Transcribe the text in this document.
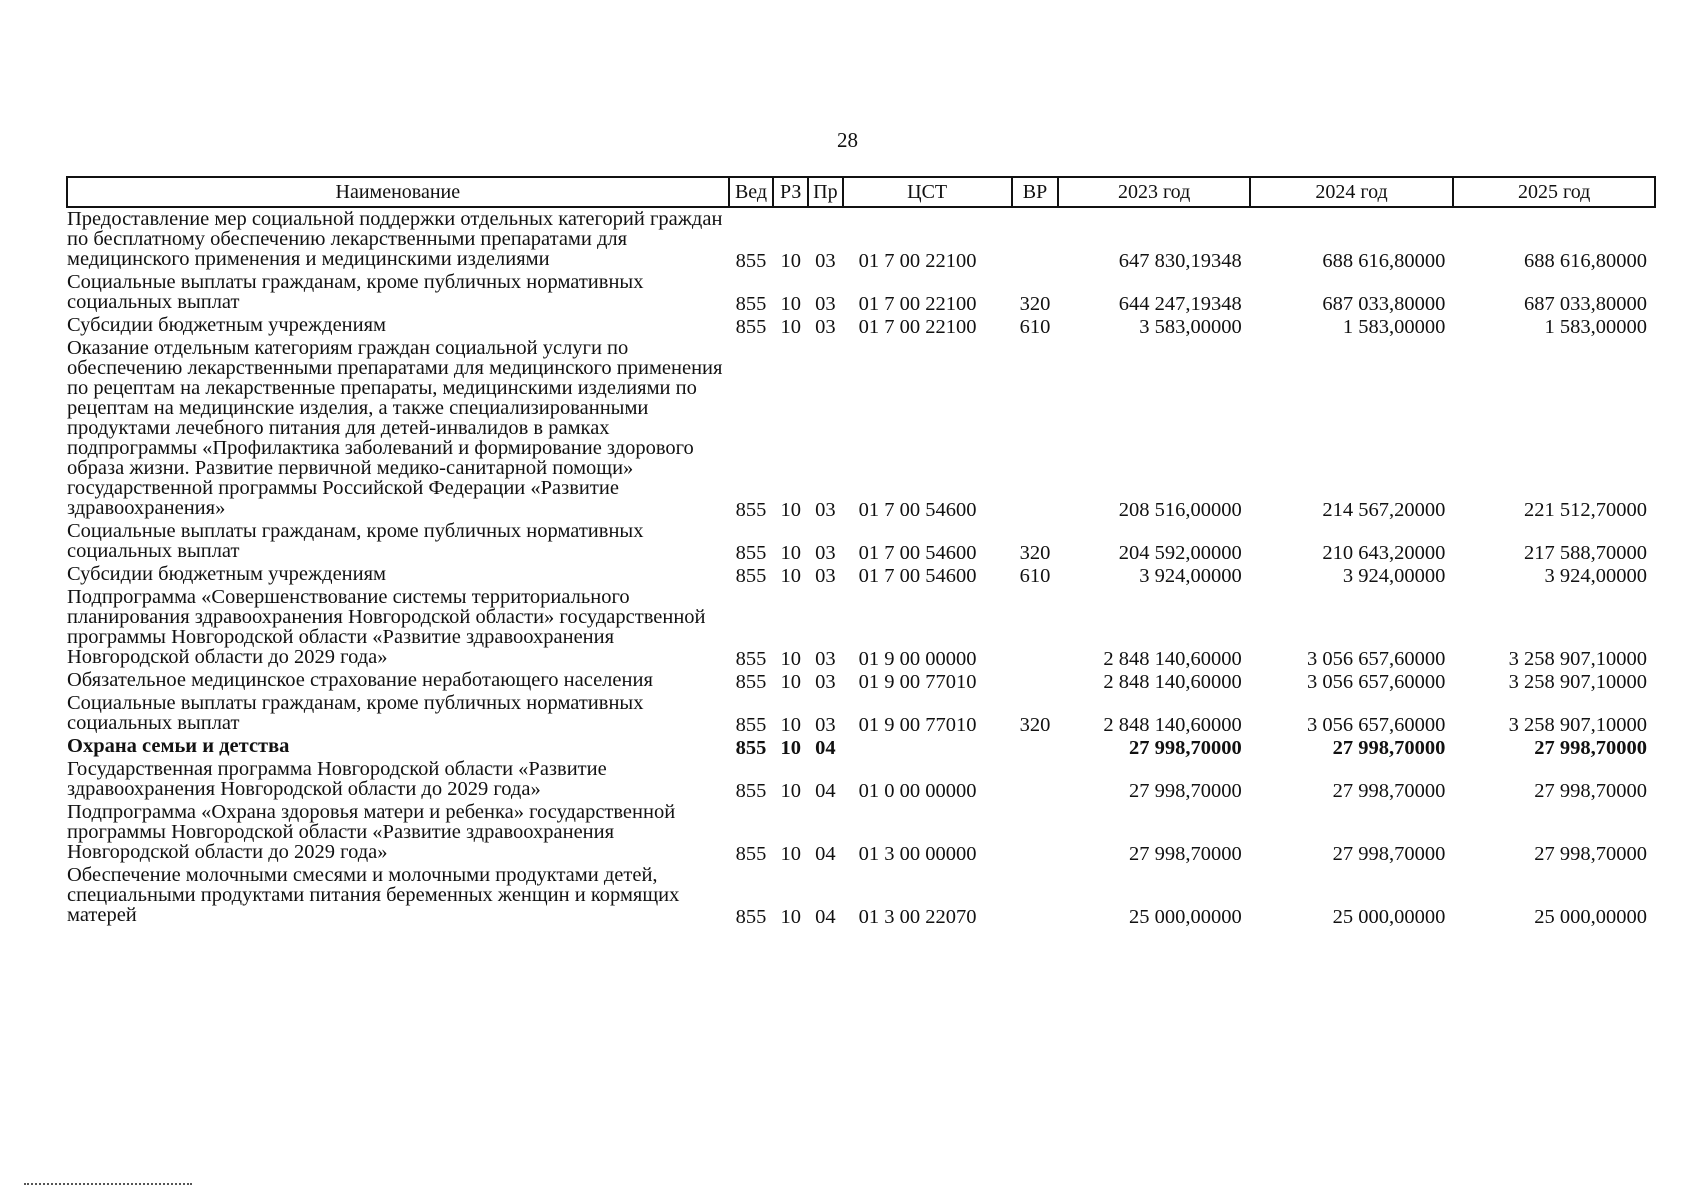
28
Наименование	Вед	РЗ	Пр	ЦСТ	ВР	2023 год	2024 год	2025 год
Предоставление мер социальной поддержки отдельных категорий граждан по бесплатному обеспечению лекарственными препаратами для медицинского применения и медицинскими изделиями	855	10	03	01 7 00 22100		647 830,19348	688 616,80000	688 616,80000
Социальные выплаты гражданам, кроме публичных нормативных социальных выплат	855	10	03	01 7 00 22100	320	644 247,19348	687 033,80000	687 033,80000
Субсидии бюджетным учреждениям	855	10	03	01 7 00 22100	610	3 583,00000	1 583,00000	1 583,00000
Оказание отдельным категориям граждан социальной услуги по обеспечению лекарственными препаратами для медицинского применения по рецептам на лекарственные препараты, медицинскими изделиями по рецептам на медицинские изделия, а также специализированными продуктами лечебного питания для детей-инвалидов в рамках подпрограммы «Профилактика заболеваний и формирование здорового образа жизни. Развитие первичной медико-санитарной помощи» государственной программы Российской Федерации «Развитие здравоохранения»	855	10	03	01 7 00 54600		208 516,00000	214 567,20000	221 512,70000
Социальные выплаты гражданам, кроме публичных нормативных социальных выплат	855	10	03	01 7 00 54600	320	204 592,00000	210 643,20000	217 588,70000
Субсидии бюджетным учреждениям	855	10	03	01 7 00 54600	610	3 924,00000	3 924,00000	3 924,00000
Подпрограмма «Совершенствование системы территориального планирования здравоохранения Новгородской области» государственной программы Новгородской области «Развитие здравоохранения Новгородской области до 2029 года»	855	10	03	01 9 00 00000		2 848 140,60000	3 056 657,60000	3 258 907,10000
Обязательное медицинское страхование неработающего населения	855	10	03	01 9 00 77010		2 848 140,60000	3 056 657,60000	3 258 907,10000
Социальные выплаты гражданам, кроме публичных нормативных социальных выплат	855	10	03	01 9 00 77010	320	2 848 140,60000	3 056 657,60000	3 258 907,10000
Охрана семьи и детства	855	10	04			27 998,70000	27 998,70000	27 998,70000
Государственная программа Новгородской области «Развитие здравоохранения Новгородской области до 2029 года»	855	10	04	01 0 00 00000		27 998,70000	27 998,70000	27 998,70000
Подпрограмма «Охрана здоровья матери и ребенка» государственной программы Новгородской области «Развитие здравоохранения Новгородской области до 2029 года»	855	10	04	01 3 00 00000		27 998,70000	27 998,70000	27 998,70000
Обеспечение молочными смесями и молочными продуктами детей, специальными продуктами питания беременных женщин и кормящих матерей	855	10	04	01 3 00 22070		25 000,00000	25 000,00000	25 000,00000
